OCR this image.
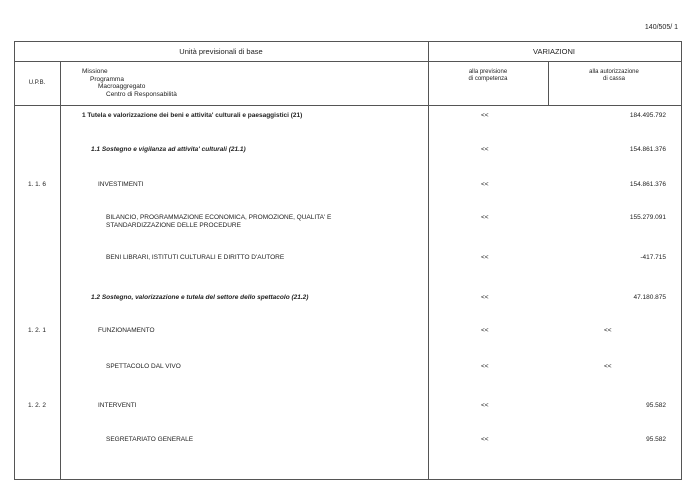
140/505/ 1
Unità previsionali di base	VARIAZIONI
U.P.B.
Missione
Programma
Macroaggregato
Centro di Responsabilità
alla previsione
di competenza
alla autorizzazione
di cassa
1 Tutela e valorizzazione dei beni e attivita' culturali e paesaggistici (21)	<<	184.495.792
1.1 Sostegno e vigilanza ad attivita' culturali (21.1)	<<	154.861.376
1. 1. 6	INVESTIMENTI	<<	154.861.376
BILANCIO, PROGRAMMAZIONE ECONOMICA, PROMOZIONE, QUALITA' E
STANDARDIZZAZIONE DELLE PROCEDURE
<<	155.279.091
BENI LIBRARI, ISTITUTI CULTURALI E DIRITTO D'AUTORE	<<	-417.715
1.2 Sostegno, valorizzazione e tutela del settore dello spettacolo (21.2)	<<	47.180.875
1. 2. 1	FUNZIONAMENTO	<<	<<
SPETTACOLO DAL VIVO	<<	<<
1. 2. 2	INTERVENTI	<<	95.582
SEGRETARIATO GENERALE	<<	95.582
